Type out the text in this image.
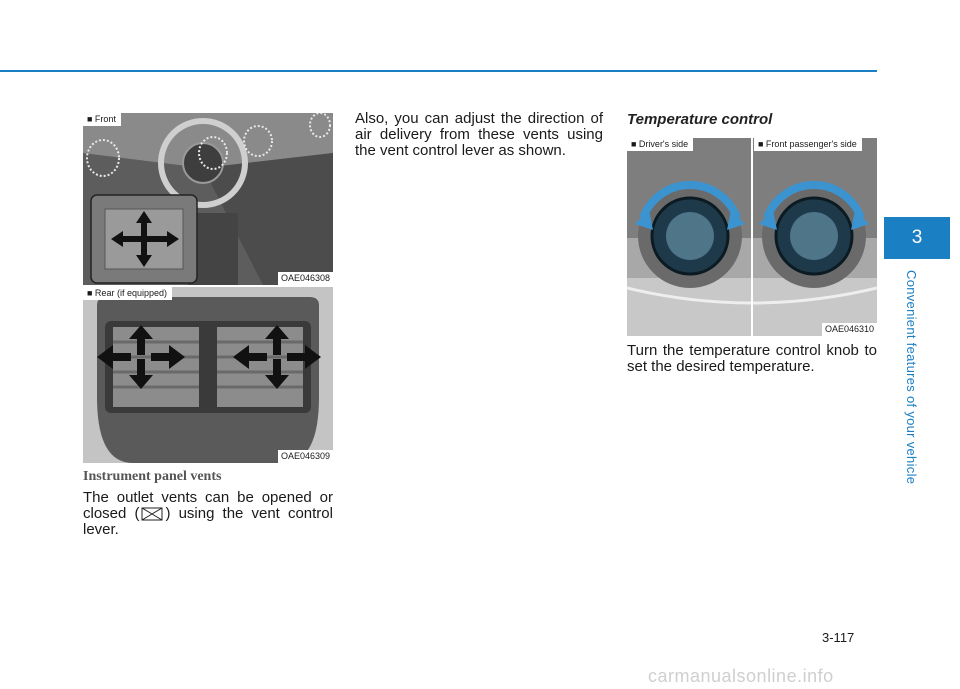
■ Front
OAE046308
■ Rear (if equipped)
OAE046309
Instrument panel vents
The outlet vents can be opened or closed ( ) using the vent control lever.
Also, you can adjust the direction of air delivery from these vents using the vent control lever as shown.
Temperature control
■ Driver's side	■ Front passenger's side
OAE046310
Turn the temperature control knob to set the desired temperature.
3
Convenient features of your vehicle
3-117
carmanualsonline.info
